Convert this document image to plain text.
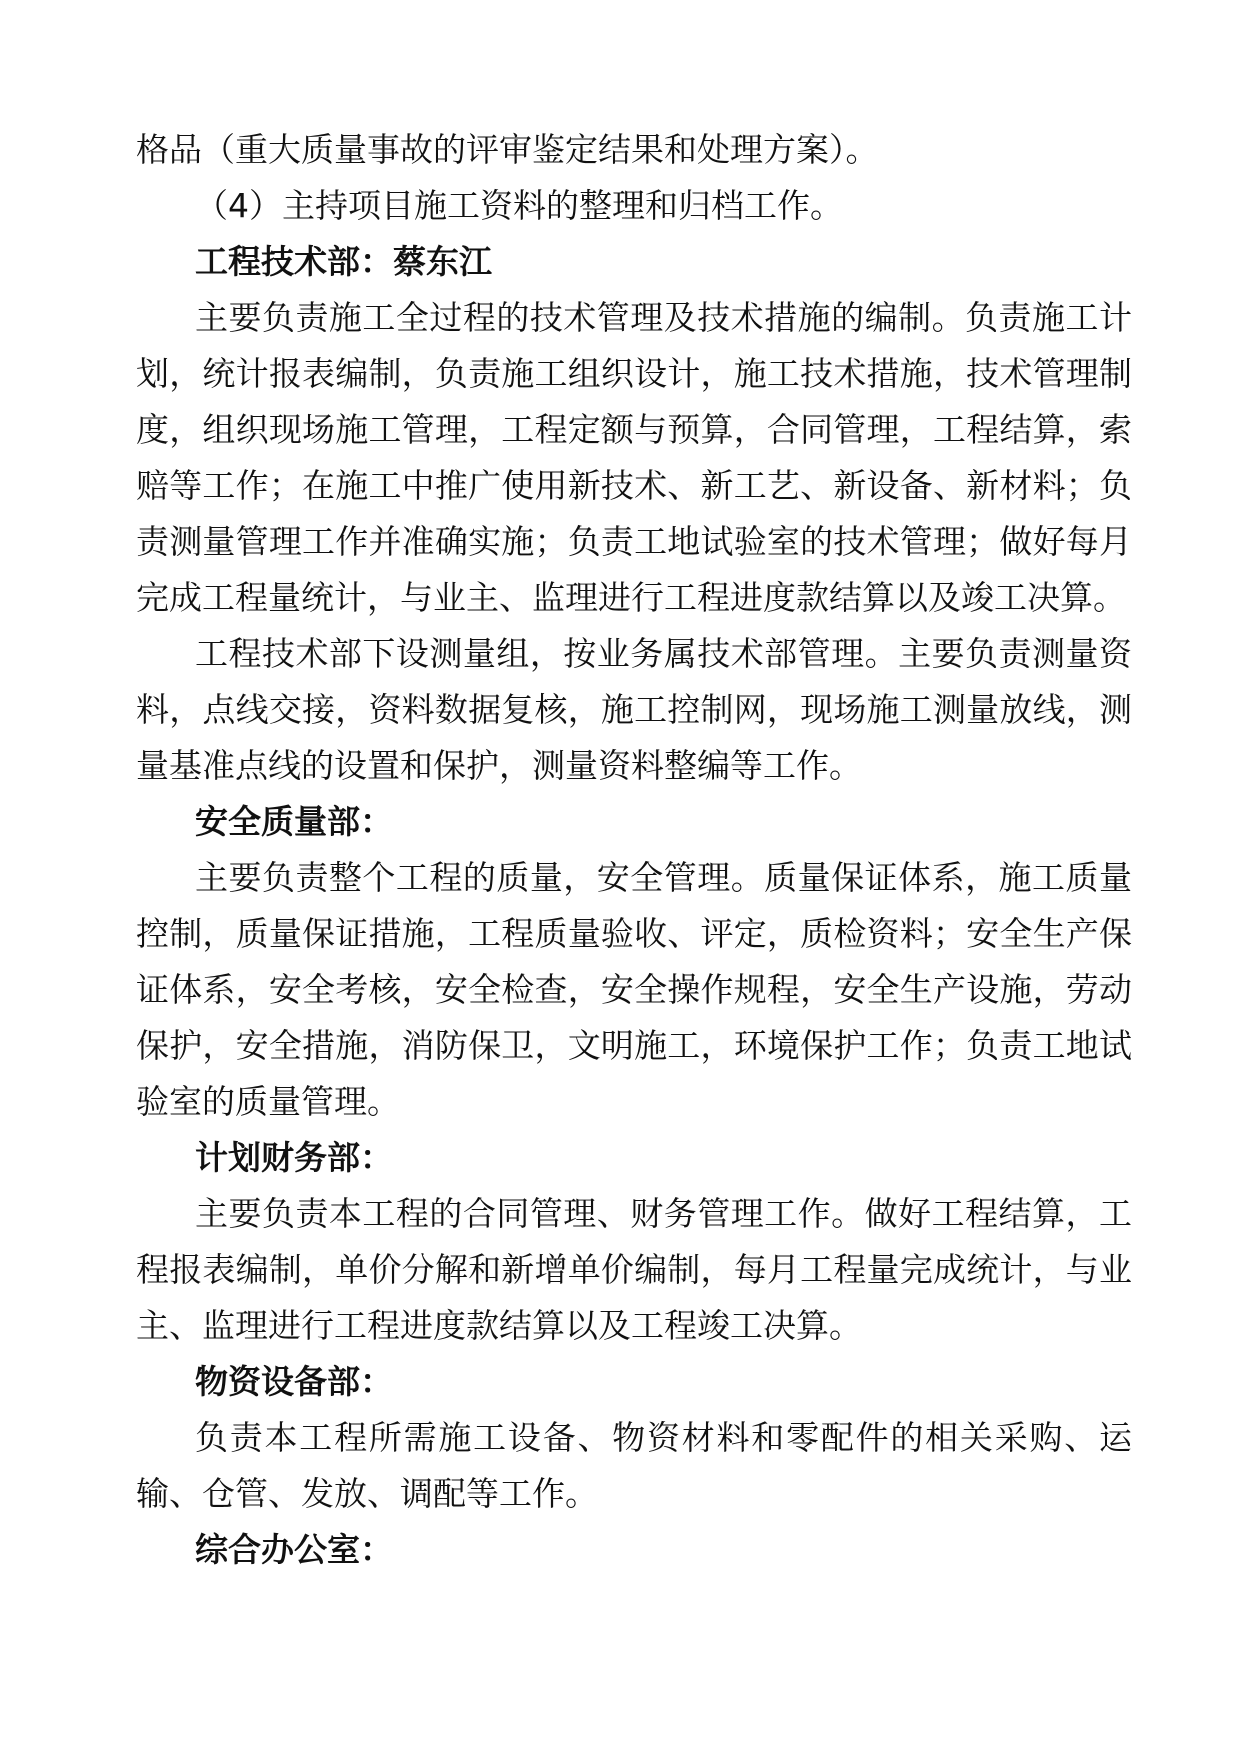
格品（重大质量事故的评审鉴定结果和处理方案）。

（4）主持项目施工资料的整理和归档工作。

工程技术部：蔡东江

主要负责施工全过程的技术管理及技术措施的编制。负责施工计划，统计报表编制，负责施工组织设计，施工技术措施，技术管理制度，组织现场施工管理，工程定额与预算，合同管理，工程结算，索赔等工作；在施工中推广使用新技术、新工艺、新设备、新材料；负责测量管理工作并准确实施；负责工地试验室的技术管理；做好每月完成工程量统计，与业主、监理进行工程进度款结算以及竣工决算。

工程技术部下设测量组，按业务属技术部管理。主要负责测量资料，点线交接，资料数据复核，施工控制网，现场施工测量放线，测量基准点线的设置和保护，测量资料整编等工作。

安全质量部：

主要负责整个工程的质量，安全管理。质量保证体系，施工质量控制，质量保证措施，工程质量验收、评定，质检资料；安全生产保证体系，安全考核，安全检查，安全操作规程，安全生产设施，劳动保护，安全措施，消防保卫，文明施工，环境保护工作；负责工地试验室的质量管理。

计划财务部：

主要负责本工程的合同管理、财务管理工作。做好工程结算，工程报表编制，单价分解和新增单价编制，每月工程量完成统计，与业主、监理进行工程进度款结算以及工程竣工决算。

物资设备部：

负责本工程所需施工设备、物资材料和零配件的相关采购、运输、仓管、发放、调配等工作。

综合办公室：
